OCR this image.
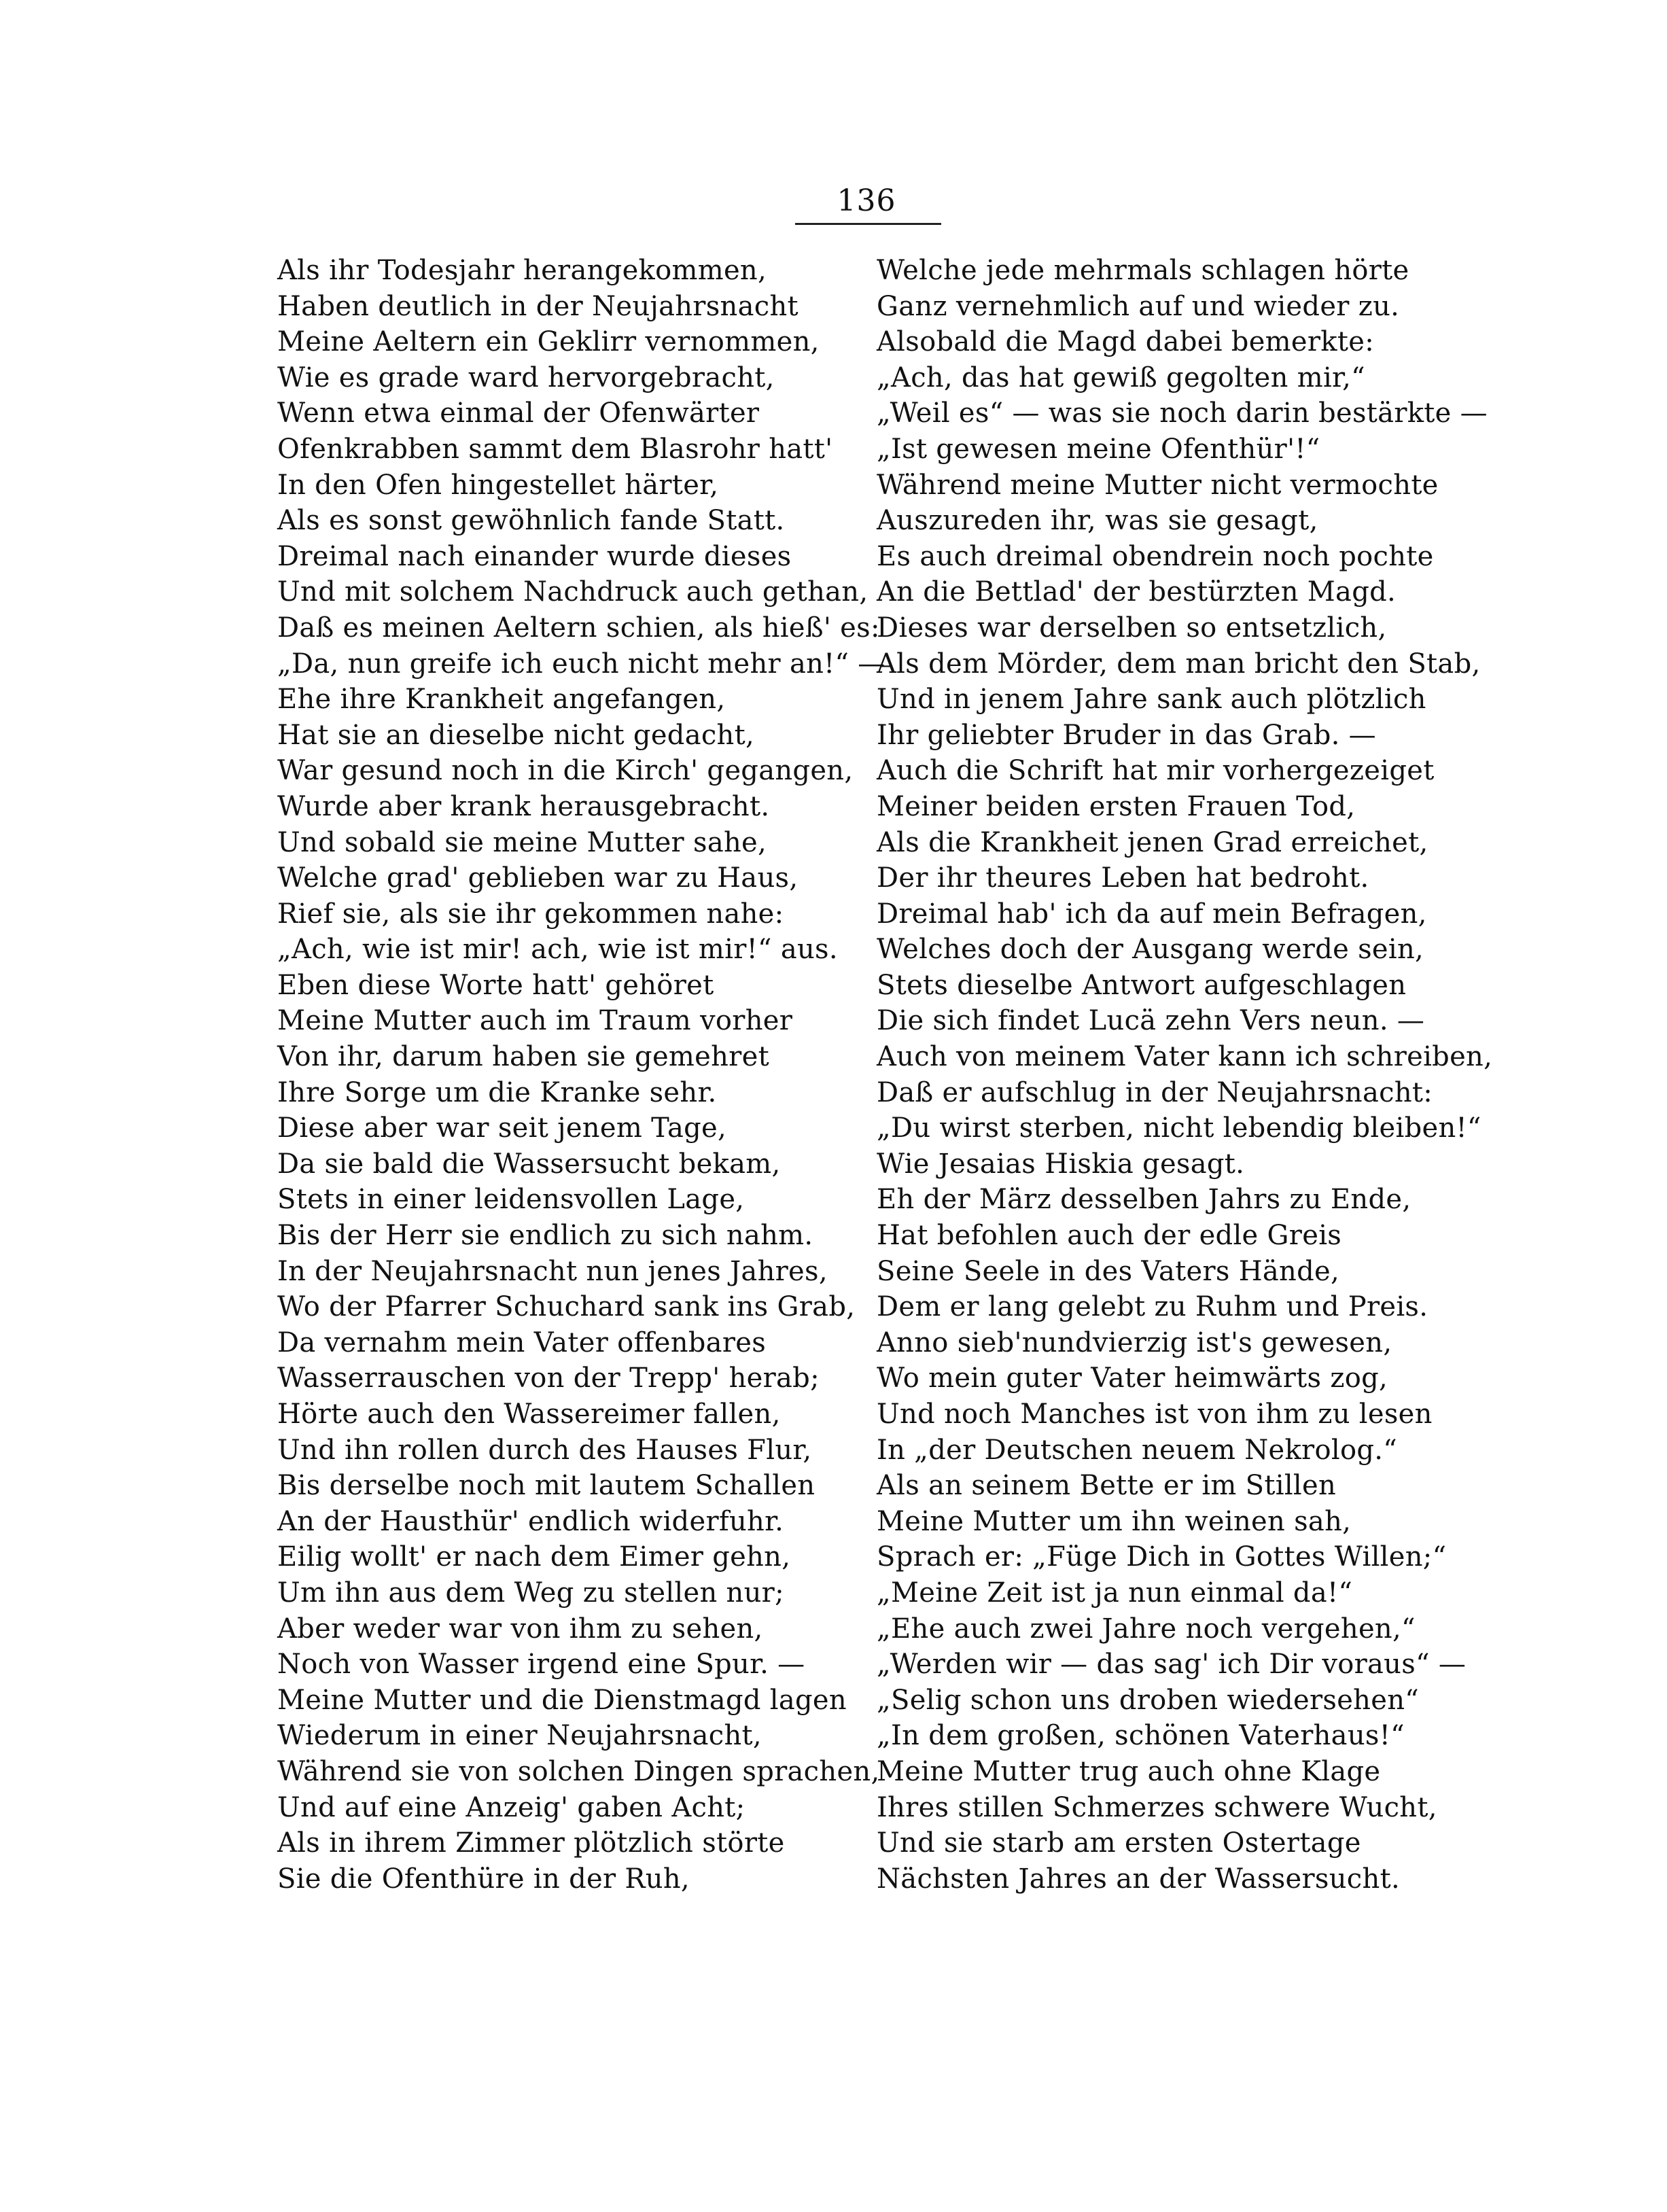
136
Als ihr Todesjahr herangekommen,
Haben deutlich in der Neujahrsnacht
Meine Aeltern ein Geklirr vernommen,
Wie es grade ward hervorgebracht,
Wenn etwa einmal der Ofenwärter
Ofenkrabben sammt dem Blasrohr hatt'
In den Ofen hingestellet härter,
Als es sonst gewöhnlich fande Statt.
Dreimal nach einander wurde dieses
Und mit solchem Nachdruck auch gethan,
Daß es meinen Aeltern schien, als hieß' es:
„Da, nun greife ich euch nicht mehr an!“ —
Ehe ihre Krankheit angefangen,
Hat sie an dieselbe nicht gedacht,
War gesund noch in die Kirch' gegangen,
Wurde aber krank herausgebracht.
Und sobald sie meine Mutter sahe,
Welche grad' geblieben war zu Haus,
Rief sie, als sie ihr gekommen nahe:
„Ach, wie ist mir! ach, wie ist mir!“ aus.
Eben diese Worte hatt' gehöret
Meine Mutter auch im Traum vorher
Von ihr, darum haben sie gemehret
Ihre Sorge um die Kranke sehr.
Diese aber war seit jenem Tage,
Da sie bald die Wassersucht bekam,
Stets in einer leidensvollen Lage,
Bis der Herr sie endlich zu sich nahm.
In der Neujahrsnacht nun jenes Jahres,
Wo der Pfarrer Schuchard sank ins Grab,
Da vernahm mein Vater offenbares
Wasserrauschen von der Trepp' herab;
Hörte auch den Wassereimer fallen,
Und ihn rollen durch des Hauses Flur,
Bis derselbe noch mit lautem Schallen
An der Hausthür' endlich widerfuhr.
Eilig wollt' er nach dem Eimer gehn,
Um ihn aus dem Weg zu stellen nur;
Aber weder war von ihm zu sehen,
Noch von Wasser irgend eine Spur. —
Meine Mutter und die Dienstmagd lagen
Wiederum in einer Neujahrsnacht,
Während sie von solchen Dingen sprachen,
Und auf eine Anzeig' gaben Acht;
Als in ihrem Zimmer plötzlich störte
Sie die Ofenthüre in der Ruh,
Welche jede mehrmals schlagen hörte
Ganz vernehmlich auf und wieder zu.
Alsobald die Magd dabei bemerkte:
„Ach, das hat gewiß gegolten mir,“
„Weil es“ — was sie noch darin bestärkte —
„Ist gewesen meine Ofenthür'!“
Während meine Mutter nicht vermochte
Auszureden ihr, was sie gesagt,
Es auch dreimal obendrein noch pochte
An die Bettlad' der bestürzten Magd.
Dieses war derselben so entsetzlich,
Als dem Mörder, dem man bricht den Stab,
Und in jenem Jahre sank auch plötzlich
Ihr geliebter Bruder in das Grab. —
Auch die Schrift hat mir vorhergezeiget
Meiner beiden ersten Frauen Tod,
Als die Krankheit jenen Grad erreichet,
Der ihr theures Leben hat bedroht.
Dreimal hab' ich da auf mein Befragen,
Welches doch der Ausgang werde sein,
Stets dieselbe Antwort aufgeschlagen
Die sich findet Lucä zehn Vers neun. —
Auch von meinem Vater kann ich schreiben,
Daß er aufschlug in der Neujahrsnacht:
„Du wirst sterben, nicht lebendig bleiben!“
Wie Jesaias Hiskia gesagt.
Eh der März desselben Jahrs zu Ende,
Hat befohlen auch der edle Greis
Seine Seele in des Vaters Hände,
Dem er lang gelebt zu Ruhm und Preis.
Anno sieb'nundvierzig ist's gewesen,
Wo mein guter Vater heimwärts zog,
Und noch Manches ist von ihm zu lesen
In „der Deutschen neuem Nekrolog.“
Als an seinem Bette er im Stillen
Meine Mutter um ihn weinen sah,
Sprach er: „Füge Dich in Gottes Willen;“
„Meine Zeit ist ja nun einmal da!“
„Ehe auch zwei Jahre noch vergehen,“
„Werden wir — das sag' ich Dir voraus“ —
„Selig schon uns droben wiedersehen“
„In dem großen, schönen Vaterhaus!“
Meine Mutter trug auch ohne Klage
Ihres stillen Schmerzes schwere Wucht,
Und sie starb am ersten Ostertage
Nächsten Jahres an der Wassersucht.
